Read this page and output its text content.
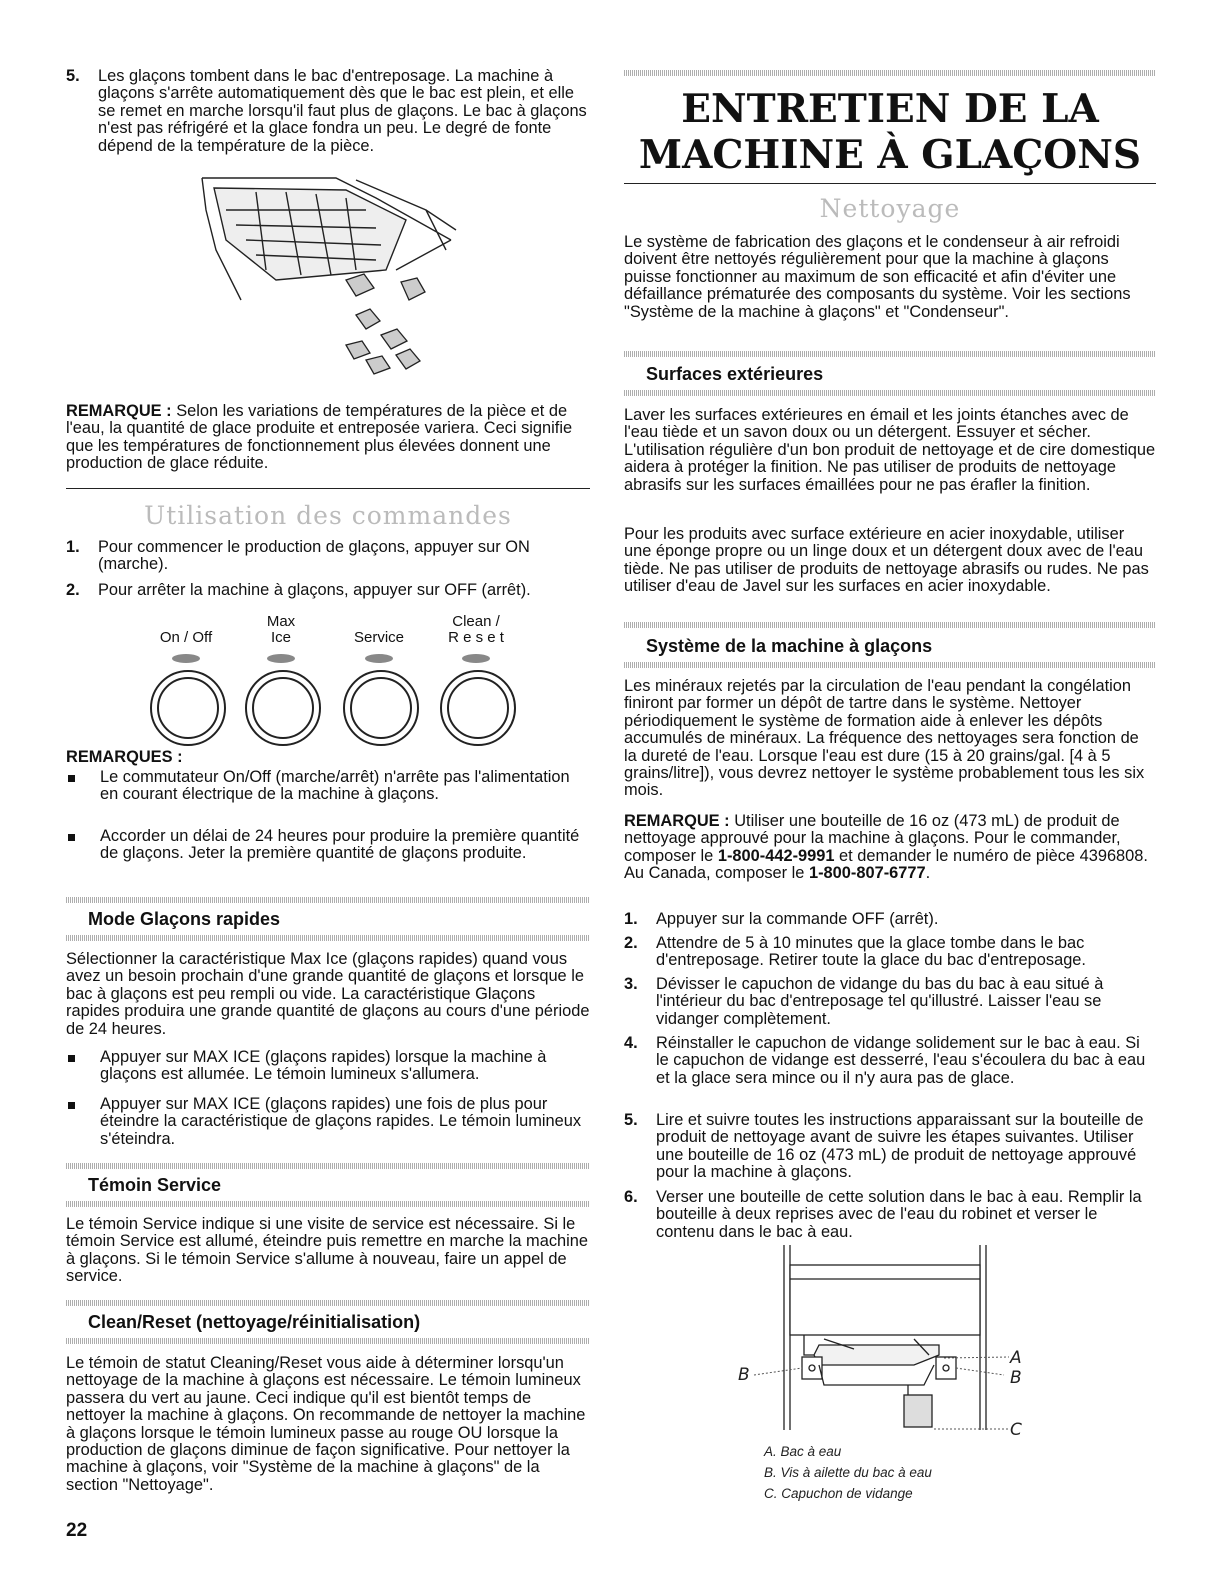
5. Les glaçons tombent dans le bac d'entreposage. La machine à glaçons s'arrête automatiquement dès que le bac est plein, et elle se remet en marche lorsqu'il faut plus de glaçons. Le bac à glaçons n'est pas réfrigéré et la glace fondra un peu. Le degré de fonte dépend de la température de la pièce.

REMARQUE : Selon les variations de températures de la pièce et de l'eau, la quantité de glace produite et entreposée variera. Ceci signifie que les températures de fonctionnement plus élevées donnent une production de glace réduite.

Utilisation des commandes
1. Pour commencer le production de glaçons, appuyer sur ON (marche).

2. Pour arrêter la machine à glaçons, appuyer sur OFF (arrêt).

On / Off
Max
Ice	Service
Clean /
R e s e t

REMARQUES :

Le commutateur On/Off (marche/arrêt) n'arrête pas l'alimentation en courant électrique de la machine à glaçons.

Accorder un délai de 24 heures pour produire la première quantité de glaçons. Jeter la première quantité de glaçons produite.

Mode Glaçons rapides

Sélectionner la caractéristique Max Ice (glaçons rapides) quand vous avez un besoin prochain d'une grande quantité de glaçons et lorsque le bac à glaçons est peu rempli ou vide. La caractéristique Glaçons rapides produira une grande quantité de glaçons au cours d'une période de 24 heures.

Appuyer sur MAX ICE (glaçons rapides) lorsque la machine à glaçons est allumée. Le témoin lumineux s'allumera.

Appuyer sur MAX ICE (glaçons rapides) une fois de plus pour éteindre la caractéristique de glaçons rapides. Le témoin lumineux s'éteindra.

Témoin Service

Le témoin Service indique si une visite de service est nécessaire. Si le témoin Service est allumé, éteindre puis remettre en marche la machine à glaçons. Si le témoin Service s'allume à nouveau, faire un appel de service.

Clean/Reset (nettoyage/réinitialisation)

Le témoin de statut Cleaning/Reset vous aide à déterminer lorsqu'un nettoyage de la machine à glaçons est nécessaire. Le témoin lumineux passera du vert au jaune. Ceci indique qu'il est bientôt temps de nettoyer la machine à glaçons. On recommande de nettoyer la machine à glaçons lorsque le témoin lumineux passe au rouge OU lorsque la production de glaçons diminue de façon significative. Pour nettoyer la machine à glaçons, voir "Système de la machine à glaçons" de la section "Nettoyage".

22
ENTRETIEN DE LA
MACHINE À GLAÇONS
Nettoyage

Le système de fabrication des glaçons et le condenseur à air refroidi doivent être nettoyés régulièrement pour que la machine à glaçons puisse fonctionner au maximum de son efficacité et afin d'éviter une défaillance prématurée des composants du système. Voir les sections "Système de la machine à glaçons" et "Condenseur".

Surfaces extérieures

Laver les surfaces extérieures en émail et les joints étanches avec de l'eau tiède et un savon doux ou un détergent. Essuyer et sécher. L'utilisation régulière d'un bon produit de nettoyage et de cire domestique aidera à protéger la finition. Ne pas utiliser de produits de nettoyage abrasifs sur les surfaces émaillées pour ne pas érafler la finition.

Pour les produits avec surface extérieure en acier inoxydable, utiliser une éponge propre ou un linge doux et un détergent doux avec de l'eau tiède. Ne pas utiliser de produits de nettoyage abrasifs ou rudes. Ne pas utiliser d'eau de Javel sur les surfaces en acier inoxydable.

Système de la machine à glaçons

Les minéraux rejetés par la circulation de l'eau pendant la congélation finiront par former un dépôt de tartre dans le système. Nettoyer périodiquement le système de formation aide à enlever les dépôts accumulés de minéraux. La fréquence des nettoyages sera fonction de la dureté de l'eau. Lorsque l'eau est dure (15 à 20 grains/gal. [4 à 5 grains/litre]), vous devrez nettoyer le système probablement tous les six mois.

REMARQUE : Utiliser une bouteille de 16 oz (473 mL) de produit de nettoyage approuvé pour la machine à glaçons. Pour le commander, composer le 1-800-442-9991 et demander le numéro de pièce 4396808. Au Canada, composer le 1-800-807-6777.

1. Appuyer sur la commande OFF (arrêt).

2. Attendre de 5 à 10 minutes que la glace tombe dans le bac d'entreposage. Retirer toute la glace du bac d'entreposage.

3. Dévisser le capuchon de vidange du bas du bac à eau situé à l'intérieur du bac d'entreposage tel qu'illustré. Laisser l'eau se vidanger complètement.

4. Réinstaller le capuchon de vidange solidement sur le bac à eau. Si le capuchon de vidange est desserré, l'eau s'écoulera du bac à eau et la glace sera mince ou il n'y aura pas de glace.

5. Lire et suivre toutes les instructions apparaissant sur la bouteille de produit de nettoyage avant de suivre les étapes suivantes. Utiliser une bouteille de 16 oz (473 mL) de produit de nettoyage approuvé pour la machine à glaçons.

6. Verser une bouteille de cette solution dans le bac à eau. Remplir la bouteille à deux reprises avec de l'eau du robinet et verser le contenu dans le bac à eau.

B
A
B
C
A. Bac à eau
B. Vis à ailette du bac à eau
C. Capuchon de vidange
